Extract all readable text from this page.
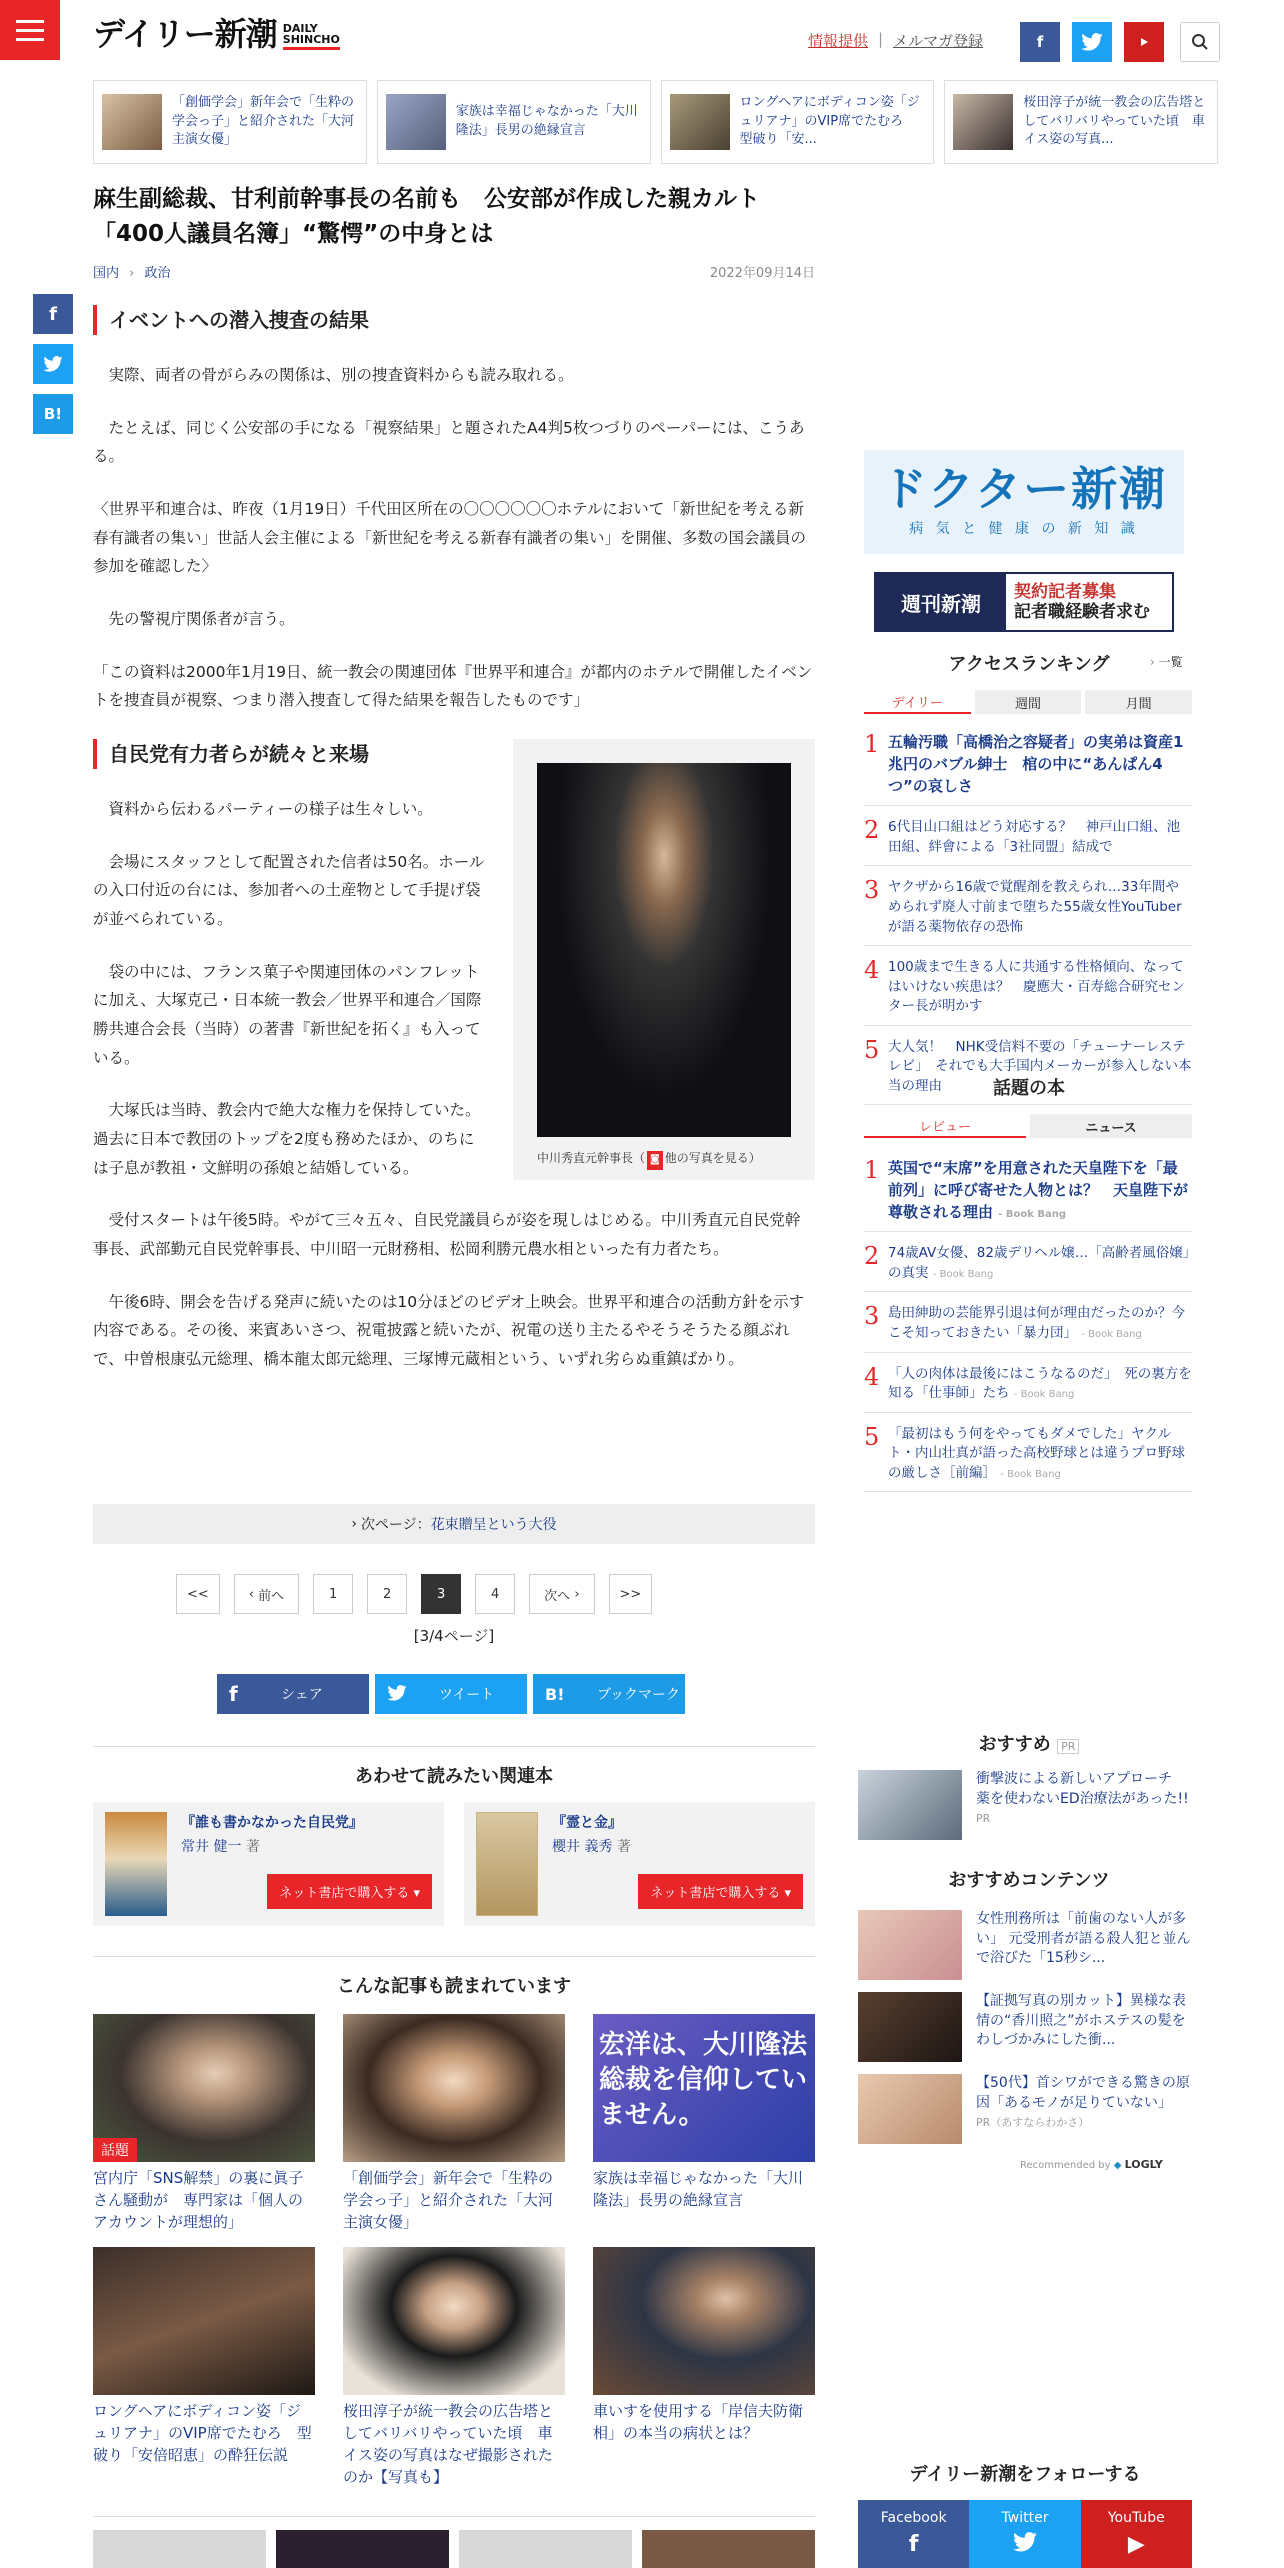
デイリー新潮 DAILY
SHINCHO	情報提供 | メルマガ登録	f
「創価学会」新年会で「生粋の学会っ子」と紹介された「大河主演女優」
家族は幸福じゃなかった「大川隆法」長男の絶縁宣言
ロングヘアにボディコン姿「ジュリアナ」のVIP席でたむろ　型破り「安...
桜田淳子が統一教会の広告塔としてバリバリやっていた頃　車イス姿の写真...
麻生副総裁、甘利前幹事長の名前も　公安部が作成した親カルト「400人議員名簿」“驚愕”の中身とは
国内 › 政治	2022年09月14日
f
B!
イベントへの潜入捜査の結果

　実際、両者の骨がらみの関係は、別の捜査資料からも読み取れる。

　たとえば、同じく公安部の手になる「視察結果」と題されたA4判5枚つづりのペーパーには、こうある。

〈世界平和連合は、昨夜（1月19日）千代田区所在の〇〇〇〇〇〇ホテルにおいて「新世紀を考える新春有識者の集い」世話人会主催による「新世紀を考える新春有識者の集い」を開催、多数の国会議員の参加を確認した〉

　先の警視庁関係者が言う。

「この資料は2000年1月19日、統一教会の関連団体『世界平和連合』が都内のホテルで開催したイベントを捜査員が視察、つまり潜入捜査して得た結果を報告したものです」

中川秀直元幹事長（ ◙ 他の写真を見る）
自民党有力者らが続々と来場

　資料から伝わるパーティーの様子は生々しい。

　会場にスタッフとして配置された信者は50名。ホールの入口付近の台には、参加者への土産物として手提げ袋が並べられている。

　袋の中には、フランス菓子や関連団体のパンフレットに加え、大塚克己・日本統一教会／世界平和連合／国際勝共連合会長（当時）の著書『新世紀を拓く』も入っている。

　大塚氏は当時、教会内で絶大な権力を保持していた。過去に日本で教団のトップを2度も務めたほか、のちには子息が教祖・文鮮明の孫娘と結婚している。

　受付スタートは午後5時。やがて三々五々、自民党議員らが姿を現しはじめる。中川秀直元自民党幹事長、武部勤元自民党幹事長、中川昭一元財務相、松岡利勝元農水相といった有力者たち。

　午後6時、開会を告げる発声に続いたのは10分ほどのビデオ上映会。世界平和連合の活動方針を示す内容である。その後、来賓あいさつ、祝電披露と続いたが、祝電の送り主たるやそうそうたる顔ぶれで、中曽根康弘元総理、橋本龍太郎元総理、三塚博元蔵相という、いずれ劣らぬ重鎮ばかり。

› 次ページ： 花束贈呈という大役
<<	‹
前へ	1	2	3	4	次へ
›	>>
[3/4ページ]
f	シェア	ツイート	B!	ブックマーク
あわせて読みたい関連本
『誰も書かなかった自民党』
常井 健一 著
ネット書店で購入する ▾
『霊と金』
櫻井 義秀 著
ネット書店で購入する ▾
こんな記事も読まれています
話題
宮内庁「SNS解禁」の裏に眞子さん騒動が　専門家は「個人のアカウントが理想的」
「創価学会」新年会で「生粋の学会っ子」と紹介された「大河主演女優」
宏洋は、大川隆法総裁を信仰していません。
家族は幸福じゃなかった「大川隆法」長男の絶縁宣言
ロングヘアにボディコン姿「ジュリアナ」のVIP席でたむろ　型破り「安倍昭恵」の酔狂伝説
桜田淳子が統一教会の広告塔としてバリバリやっていた頃　車イス姿の写真はなぜ撮影されたのか【写真も】
車いすを使用する「岸信夫防衛相」の本当の病状とは？
ドクター新潮
病 気 と 健 康 の 新 知 識
週刊新潮	契約記者募集
記者職経験者求む
アクセスランキング	› 一覧
デイリー	週間	月間
1 五輪汚職「高橋治之容疑者」の実弟は資産1兆円のバブル紳士　棺の中に“あんぱん4つ”の哀しさ
2 6代目山口組はどう対応する？　神戸山口組、池田組、絆會による「3社同盟」結成で
3 ヤクザから16歳で覚醒剤を教えられ…33年間やめられず廃人寸前まで堕ちた55歳女性YouTuberが語る薬物依存の恐怖
4 100歳まで生きる人に共通する性格傾向、なってはいけない疾患は？　慶應大・百寿総合研究センター長が明かす
5 大人気！　NHK受信料不要の「チューナーレステレビ」　それでも大手国内メーカーが参入しない本当の理由	話題の本
レビュー	ニュース
1 英国で“末席”を用意された天皇陛下を「最前列」に呼び寄せた人物とは？　天皇陛下が尊敬される理由 - Book Bang
2 74歳AV女優、82歳デリヘル嬢…「高齢者風俗嬢」の真実 - Book Bang
3 島田紳助の芸能界引退は何が理由だったのか？今こそ知っておきたい「暴力団」 - Book Bang
4 「人の肉体は最後にはこうなるのだ」　死の裏方を知る「仕事師」たち - Book Bang
5 「最初はもう何をやってもダメでした」ヤクルト・内山壮真が語った高校野球とは違うプロ野球の厳しさ［前編］ - Book Bang
おすすめ PR
衝撃波による新しいアプローチ　薬を使わないED治療法があった!! PR
おすすめコンテンツ
女性刑務所は「前歯のない人が多い」 元受刑者が語る殺人犯と並んで浴びた「15秒シ...
【証拠写真の別カット】異様な表情の“香川照之”がホステスの髪をわしづかみにした衝...
【50代】首シワができる驚きの原因「あるモノが足りていない」
PR（あすならわかさ）
Recommended by ◆ LOGLY
デイリー新潮をフォローする
Facebook
f
Twitter	YouTube
▶
